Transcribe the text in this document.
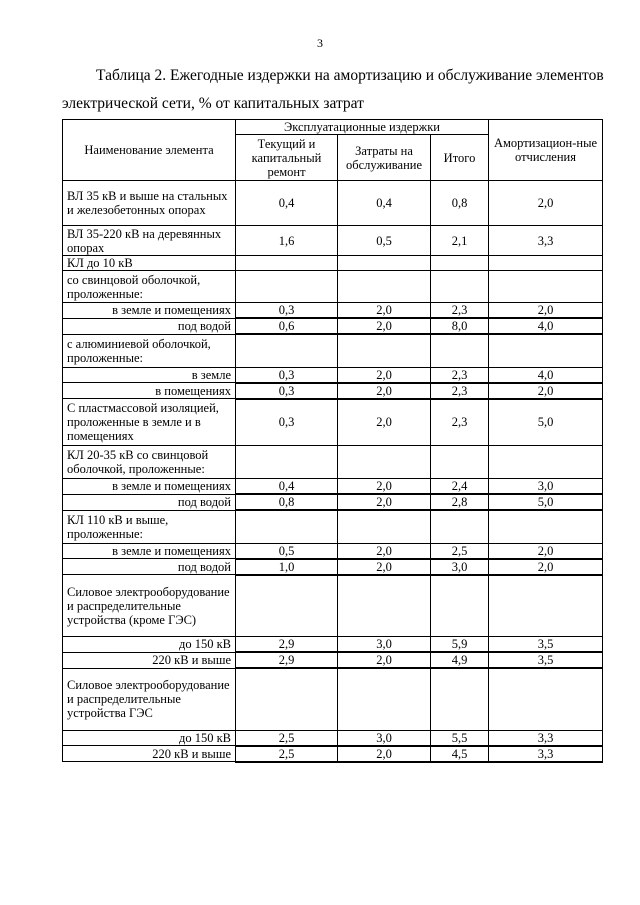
3
Таблица 2. Ежегодные издержки на амортизацию и обслуживание элементов
электрической сети, % от капитальных затрат
Наименование элемента	Эксплуатационные издержки			Амортизацион-ные отчисления
	Текущий и капитальный ремонт	Затраты на обслуживание	Итого	
ВЛ 35 кВ и выше на стальных и железобетонных опорах	0,4	0,4	0,8	2,0
ВЛ 35-220 кВ на деревянных опорах	1,6	0,5	2,1	3,3
КЛ до 10 кВ				
со свинцовой оболочкой, проложенные:				
в земле и помещениях	0,3	2,0	2,3	2,0
под водой	0,6	2,0	8,0	4,0
с алюминиевой оболочкой, проложенные:				
в земле	0,3	2,0	2,3	4,0
в помещениях	0,3	2,0	2,3	2,0
С пластмассовой изоляцией, проложенные в земле и в помещениях	0,3	2,0	2,3	5,0
КЛ 20-35 кВ со свинцовой оболочкой, проложенные:				
в земле и помещениях	0,4	2,0	2,4	3,0
под водой	0,8	2,0	2,8	5,0
КЛ 110 кВ и выше, проложенные:				
в земле и помещениях	0,5	2,0	2,5	2,0
под водой	1,0	2,0	3,0	2,0
Силовое электрооборудование и распределительные устройства (кроме ГЭС)				
до 150 кВ	2,9	3,0	5,9	3,5
220 кВ и выше	2,9	2,0	4,9	3,5
Силовое электрооборудование и распределительные устройства ГЭС				
до 150 кВ	2,5	3,0	5,5	3,3
220 кВ и выше	2,5	2,0	4,5	3,3
